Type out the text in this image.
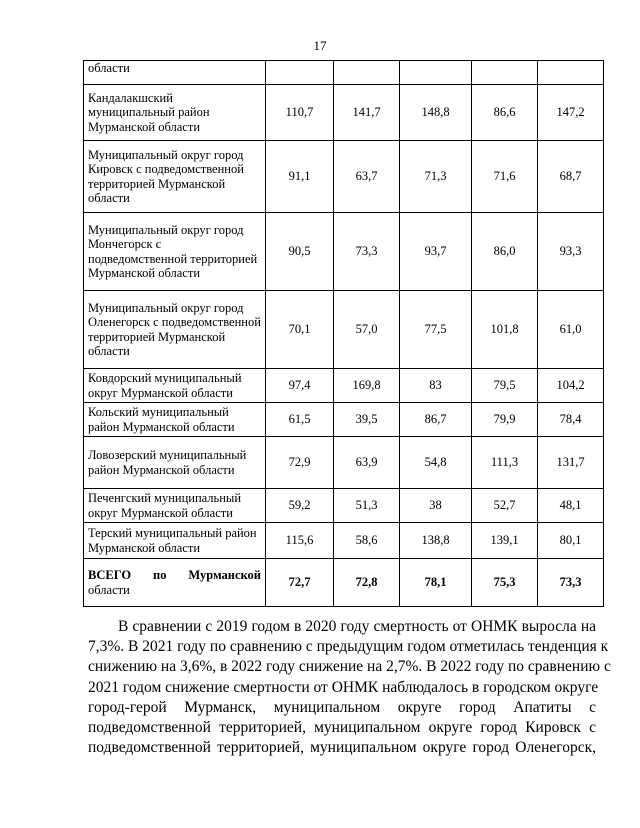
17
области					
Кандалакшский муниципальный район Мурманской области	110,7	141,7	148,8	86,6	147,2
Муниципальный округ город Кировск с подведомственной территорией Мурманской области	91,1	63,7	71,3	71,6	68,7
Муниципальный округ город Мончегорск с подведомственной территорией Мурманской области	90,5	73,3	93,7	86,0	93,3
Муниципальный округ город Оленегорск с подведомственной территорией Мурманской области	70,1	57,0	77,5	101,8	61,0
Ковдорский муниципальный округ Мурманской области	97,4	169,8	83	79,5	104,2
Кольский муниципальный район Мурманской области	61,5	39,5	86,7	79,9	78,4
Ловозерский муниципальный район Мурманской области	72,9	63,9	54,8	111,3	131,7
Печенгский муниципальный округ Мурманской области	59,2	51,3	38	52,7	48,1
Терский муниципальный район Мурманской области	115,6	58,6	138,8	139,1	80,1

ВСЕГО по Мурманской
области	72,7	72,8	78,1	75,3	73,3
В сравнении с 2019 годом в 2020 году смертность от ОНМК выросла на
7,3%. В 2021 году по сравнению с предыдущим годом отметилась тенденция к
снижению на 3,6%, в 2022 году снижение на 2,7%. В 2022 году по сравнению с
2021 годом снижение смертности от ОНМК наблюдалось в городском округе
город-герой Мурманск, муниципальном округе город Апатиты с
подведомственной территорией, муниципальном округе город Кировск с
подведомственной территорией, муниципальном округе город Оленегорск,
